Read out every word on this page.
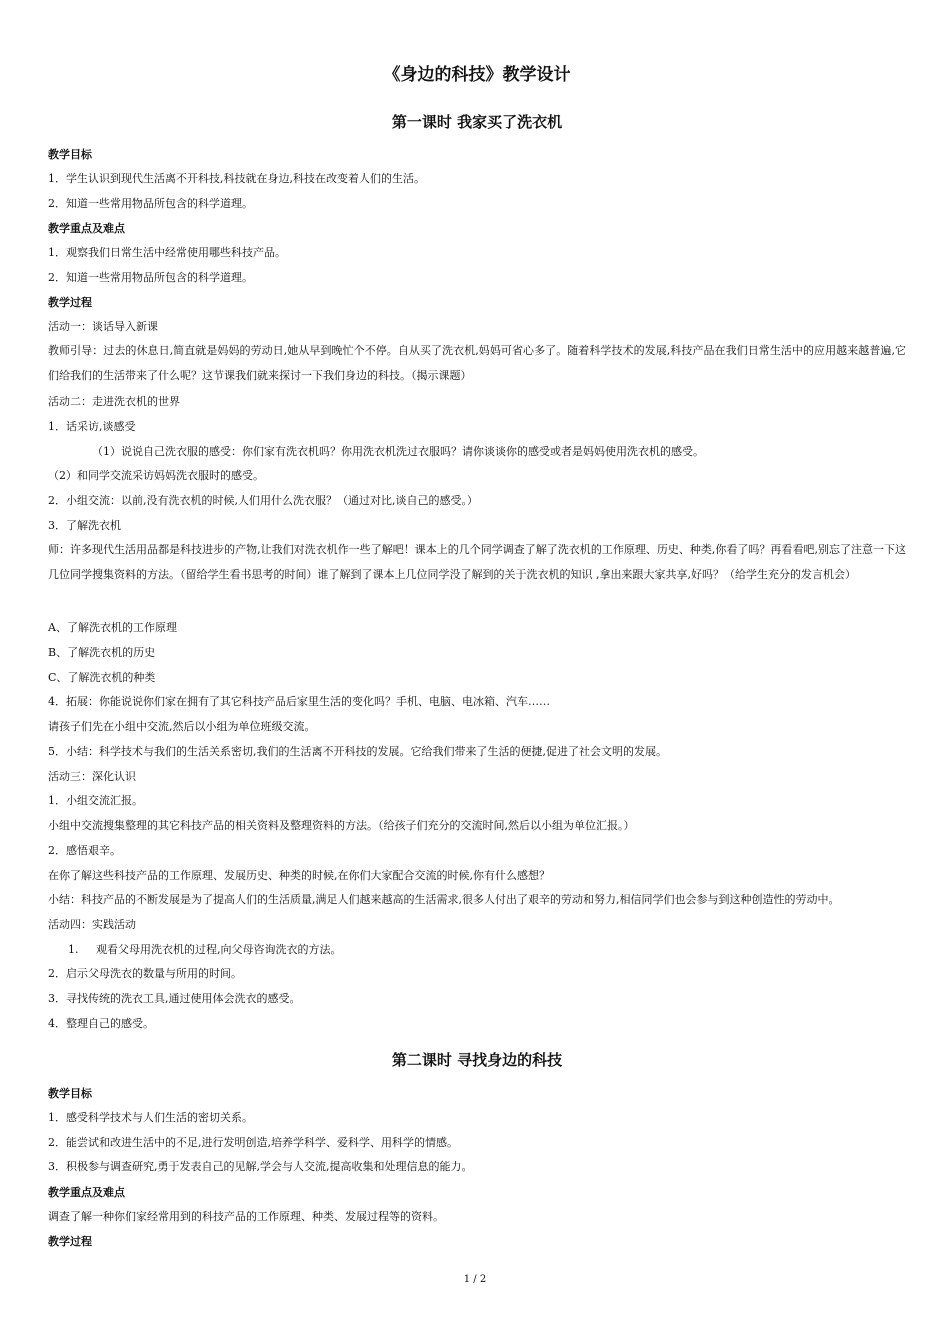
《身边的科技》教学设计
第一课时 我家买了洗衣机

教学目标

1．学生认识到现代生活离不开科技,科技就在身边,科技在改变着人们的生活。

2．知道一些常用物品所包含的科学道理。

教学重点及难点

1．观察我们日常生活中经常使用哪些科技产品。

2．知道一些常用物品所包含的科学道理。

教学过程

活动一：谈话导入新课

教师引导：过去的休息日,简直就是妈妈的劳动日,她从早到晚忙个不停。自从买了洗衣机,妈妈可省心多了。随着科学技术的发展,科技产品在我们日常生活中的应用越来越普遍,它们给我们的生活带来了什么呢？这节课我们就来探讨一下我们身边的科技。（揭示课题）

活动二：走进洗衣机的世界

1．话采访,谈感受

（1）说说自己洗衣服的感受：你们家有洗衣机吗？你用洗衣机洗过衣服吗？请你谈谈你的感受或者是妈妈使用洗衣机的感受。

（2）和同学交流采访妈妈洗衣服时的感受。

2．小组交流：以前,没有洗衣机的时候,人们用什么洗衣服？（通过对比,谈自己的感受。）

3．了解洗衣机

师：许多现代生活用品都是科技进步的产物,让我们对洗衣机作一些了解吧！课本上的几个同学调查了解了洗衣机的工作原理、历史、种类,你看了吗？再看看吧,别忘了注意一下这几位同学搜集资料的方法。（留给学生看书思考的时间）谁了解到了课本上几位同学没了解到的关于洗衣机的知识 ,拿出来跟大家共享,好吗？（给学生充分的发言机会）

A、了解洗衣机的工作原理

B、了解洗衣机的历史

C、了解洗衣机的种类

4．拓展：你能说说你们家在拥有了其它科技产品后家里生活的变化吗？手机、电脑、电冰箱、汽车……

请孩子们先在小组中交流,然后以小组为单位班级交流。

5．小结：科学技术与我们的生活关系密切,我们的生活离不开科技的发展。它给我们带来了生活的便捷,促进了社会文明的发展。

活动三：深化认识

1．小组交流汇报。

小组中交流搜集整理的其它科技产品的相关资料及整理资料的方法。（给孩子们充分的交流时间,然后以小组为单位汇报。）

2．感悟艰辛。

在你了解这些科技产品的工作原理、发展历史、种类的时候,在你们大家配合交流的时候,你有什么感想？

小结：科技产品的不断发展是为了提高人们的生活质量,满足人们越来越高的生活需求,很多人付出了艰辛的劳动和努力,相信同学们也会参与到这种创造性的劳动中。

活动四：实践活动

1.     观看父母用洗衣机的过程,向父母咨询洗衣的方法。

2．启示父母洗衣的数量与所用的时间。

3．寻找传统的洗衣工具,通过使用体会洗衣的感受。

4．整理自己的感受。

第二课时 寻找身边的科技

教学目标

1．感受科学技术与人们生活的密切关系。

2．能尝试和改进生活中的不足,进行发明创造,培养学科学、爱科学、用科学的情感。

3．积极参与调查研究,勇于发表自己的见解,学会与人交流,提高收集和处理信息的能力。

教学重点及难点

调查了解一种你们家经常用到的科技产品的工作原理、种类、发展过程等的资料。

教学过程

1 / 2
